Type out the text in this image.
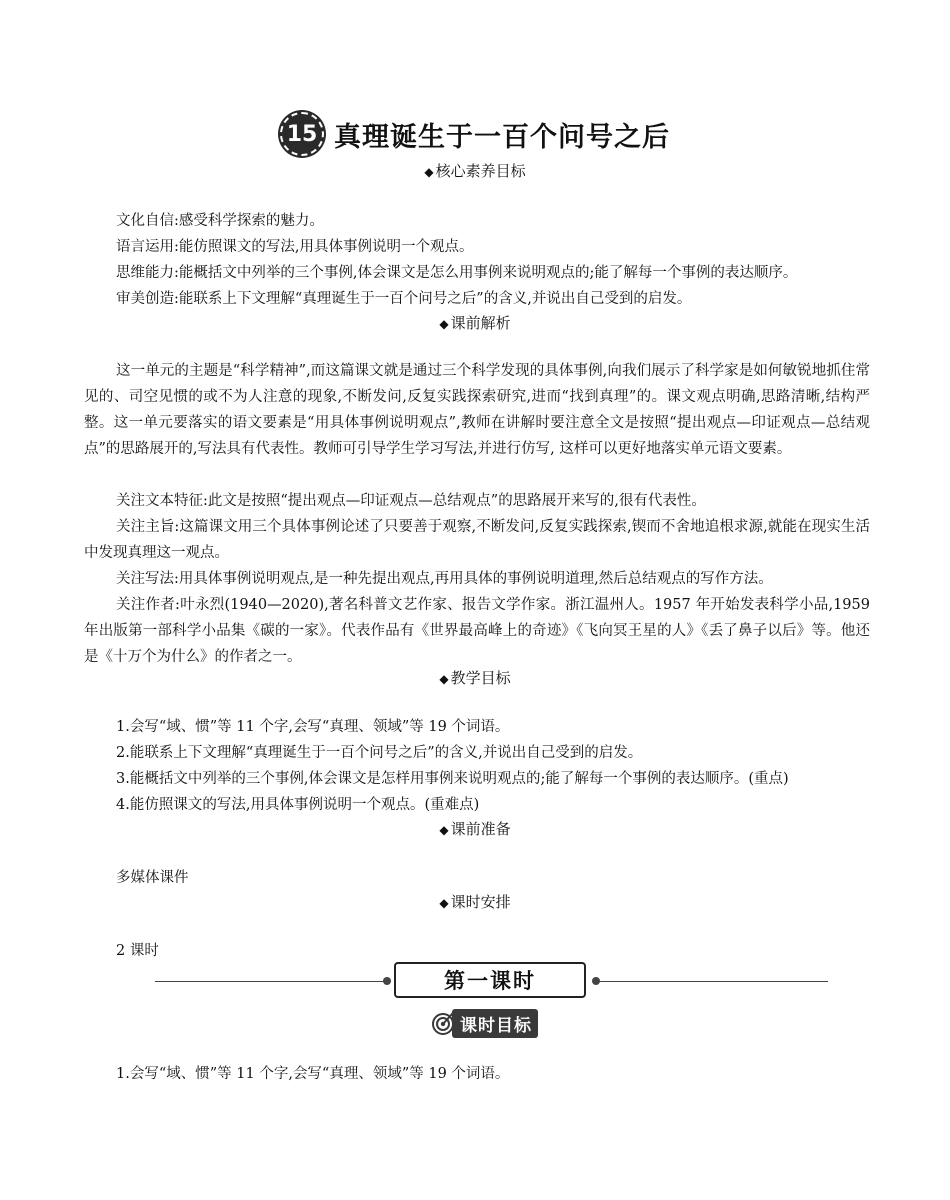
15 真理诞生于一百个问号之后
◆ 核心素养目标
文化自信:感受科学探索的魅力。
语言运用:能仿照课文的写法,用具体事例说明一个观点。
思维能力:能概括文中列举的三个事例,体会课文是怎么用事例来说明观点的;能了解每一个事例的表达顺序。
审美创造:能联系上下文理解“真理诞生于一百个问号之后”的含义,并说出自己受到的启发。
◆ 课前解析
这一单元的主题是“科学精神”,而这篇课文就是通过三个科学发现的具体事例,向我们展示了科学家是如何敏锐地抓住常见的、司空见惯的或不为人注意的现象,不断发问,反复实践探索研究,进而“找到真理”的。课文观点明确,思路清晰,结构严整。这一单元要落实的语文要素是“用具体事例说明观点”,教师在讲解时要注意全文是按照“提出观点—印证观点—总结观点”的思路展开的,写法具有代表性。教师可引导学生学习写法,并进行仿写, 这样可以更好地落实单元语文要素。
关注文本特征:此文是按照“提出观点—印证观点—总结观点”的思路展开来写的,很有代表性。
关注主旨:这篇课文用三个具体事例论述了只要善于观察,不断发问,反复实践探索,锲而不舍地追根求源,就能在现实生活中发现真理这一观点。
关注写法:用具体事例说明观点,是一种先提出观点,再用具体的事例说明道理,然后总结观点的写作方法。
关注作者:叶永烈(1940—2020),著名科普文艺作家、报告文学作家。浙江温州人。1957 年开始发表科学小品,1959 年出版第一部科学小品集《碳的一家》。代表作品有《世界最高峰上的奇迹》《飞向冥王星的人》《丢了鼻子以后》等。他还是《十万个为什么》的作者之一。
◆ 教学目标
1.会写“域、惯”等 11 个字,会写“真理、领域”等 19 个词语。
2.能联系上下文理解“真理诞生于一百个问号之后”的含义,并说出自己受到的启发。
3.能概括文中列举的三个事例,体会课文是怎样用事例来说明观点的;能了解每一个事例的表达顺序。(重点)
4.能仿照课文的写法,用具体事例说明一个观点。(重难点)
◆ 课前准备
多媒体课件
◆ 课时安排
2 课时
第一课时
课时目标
1.会写“域、惯”等 11 个字,会写“真理、领域”等 19 个词语。
